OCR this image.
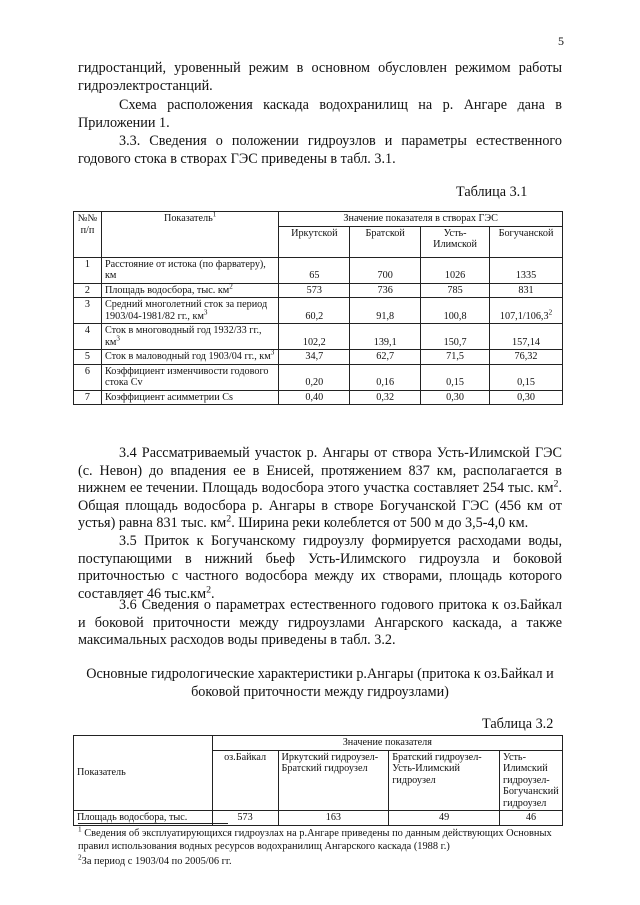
5
гидростанций, уровенный режим в основном обусловлен режимом работы гидроэлектростанций.
Схема расположения каскада водохранилищ на р. Ангаре дана в Приложении 1.
3.3. Сведения о положении гидроузлов и параметры естественного годового стока в створах ГЭС приведены в табл. 3.1.
Таблица 3.1
№№ п/п	Показатель$^1$	Значение показателя в створах ГЭС			
		Иркутской	Братской	Усть-Илимской	Богучанской
1	Расстояние от истока (по фарватеру), км	65	700	1026	1335
2	Площадь водосбора, тыс. $км^2$	573	736	785	831
3	Средний многолетний сток за период 1903/04-1981/82 гг., $км^3$	60,2	91,8	100,8	107,1/106,3$^2$
4	Сток в многоводный год 1932/33 гг., $км^3$	102,2	139,1	150,7	157,14
5	Сток в маловодный год 1903/04 гг., $км^3$	34,7	62,7	71,5	76,32
6	Коэффициент изменчивости годового стока Cv	0,20	0,16	0,15	0,15
7	Коэффициент асимметрии Cs	0,40	0,32	0,30	0,30
3.4 Рассматриваемый участок р. Ангары от створа Усть-Илимской ГЭС (с. Невон) до впадения ее в Енисей, протяжением 837 км, располагается в нижнем ее течении. Площадь водосбора этого участка составляет 254 тыс. $км^2$. Общая площадь водосбора р. Ангары в створе Богучанской ГЭС (456 км от устья) равна 831 тыс. $км^2$. Ширина реки колеблется от 500 м до 3,5-4,0 км.
3.5 Приток к Богучанскому гидроузлу формируется расходами воды, поступающими в нижний бьеф Усть-Илимского гидроузла и боковой приточностью с частного водосбора между их створами, площадь которого составляет 46 $тыс.км^2$.
3.6 Сведения о параметрах естественного годового притока к оз.Байкал и боковой приточности между гидроузлами Ангарского каскада, а также максимальных расходов воды приведены в табл. 3.2.
Основные гидрологические характеристики р.Ангары (притока к оз.Байкал и боковой приточности между гидроузлами)
Таблица 3.2
Показатель	Значение показателя			
	оз.Байкал	Иркутский гидроузел-Братский гидроузел	Братский гидроузел-Усть-Илимский гидроузел	Усть-Илимский гидроузел-Богучанский гидроузел
Площадь водосбора, тыс.	573	163	49	46
$^1$ Сведения об эксплуатирующихся гидроузлах на р.Ангаре приведены по данным действующих Основных правил использования водных ресурсов водохранилищ Ангарского каскада (1988 г.)
$^2$За период с 1903/04 по 2005/06 гг.
